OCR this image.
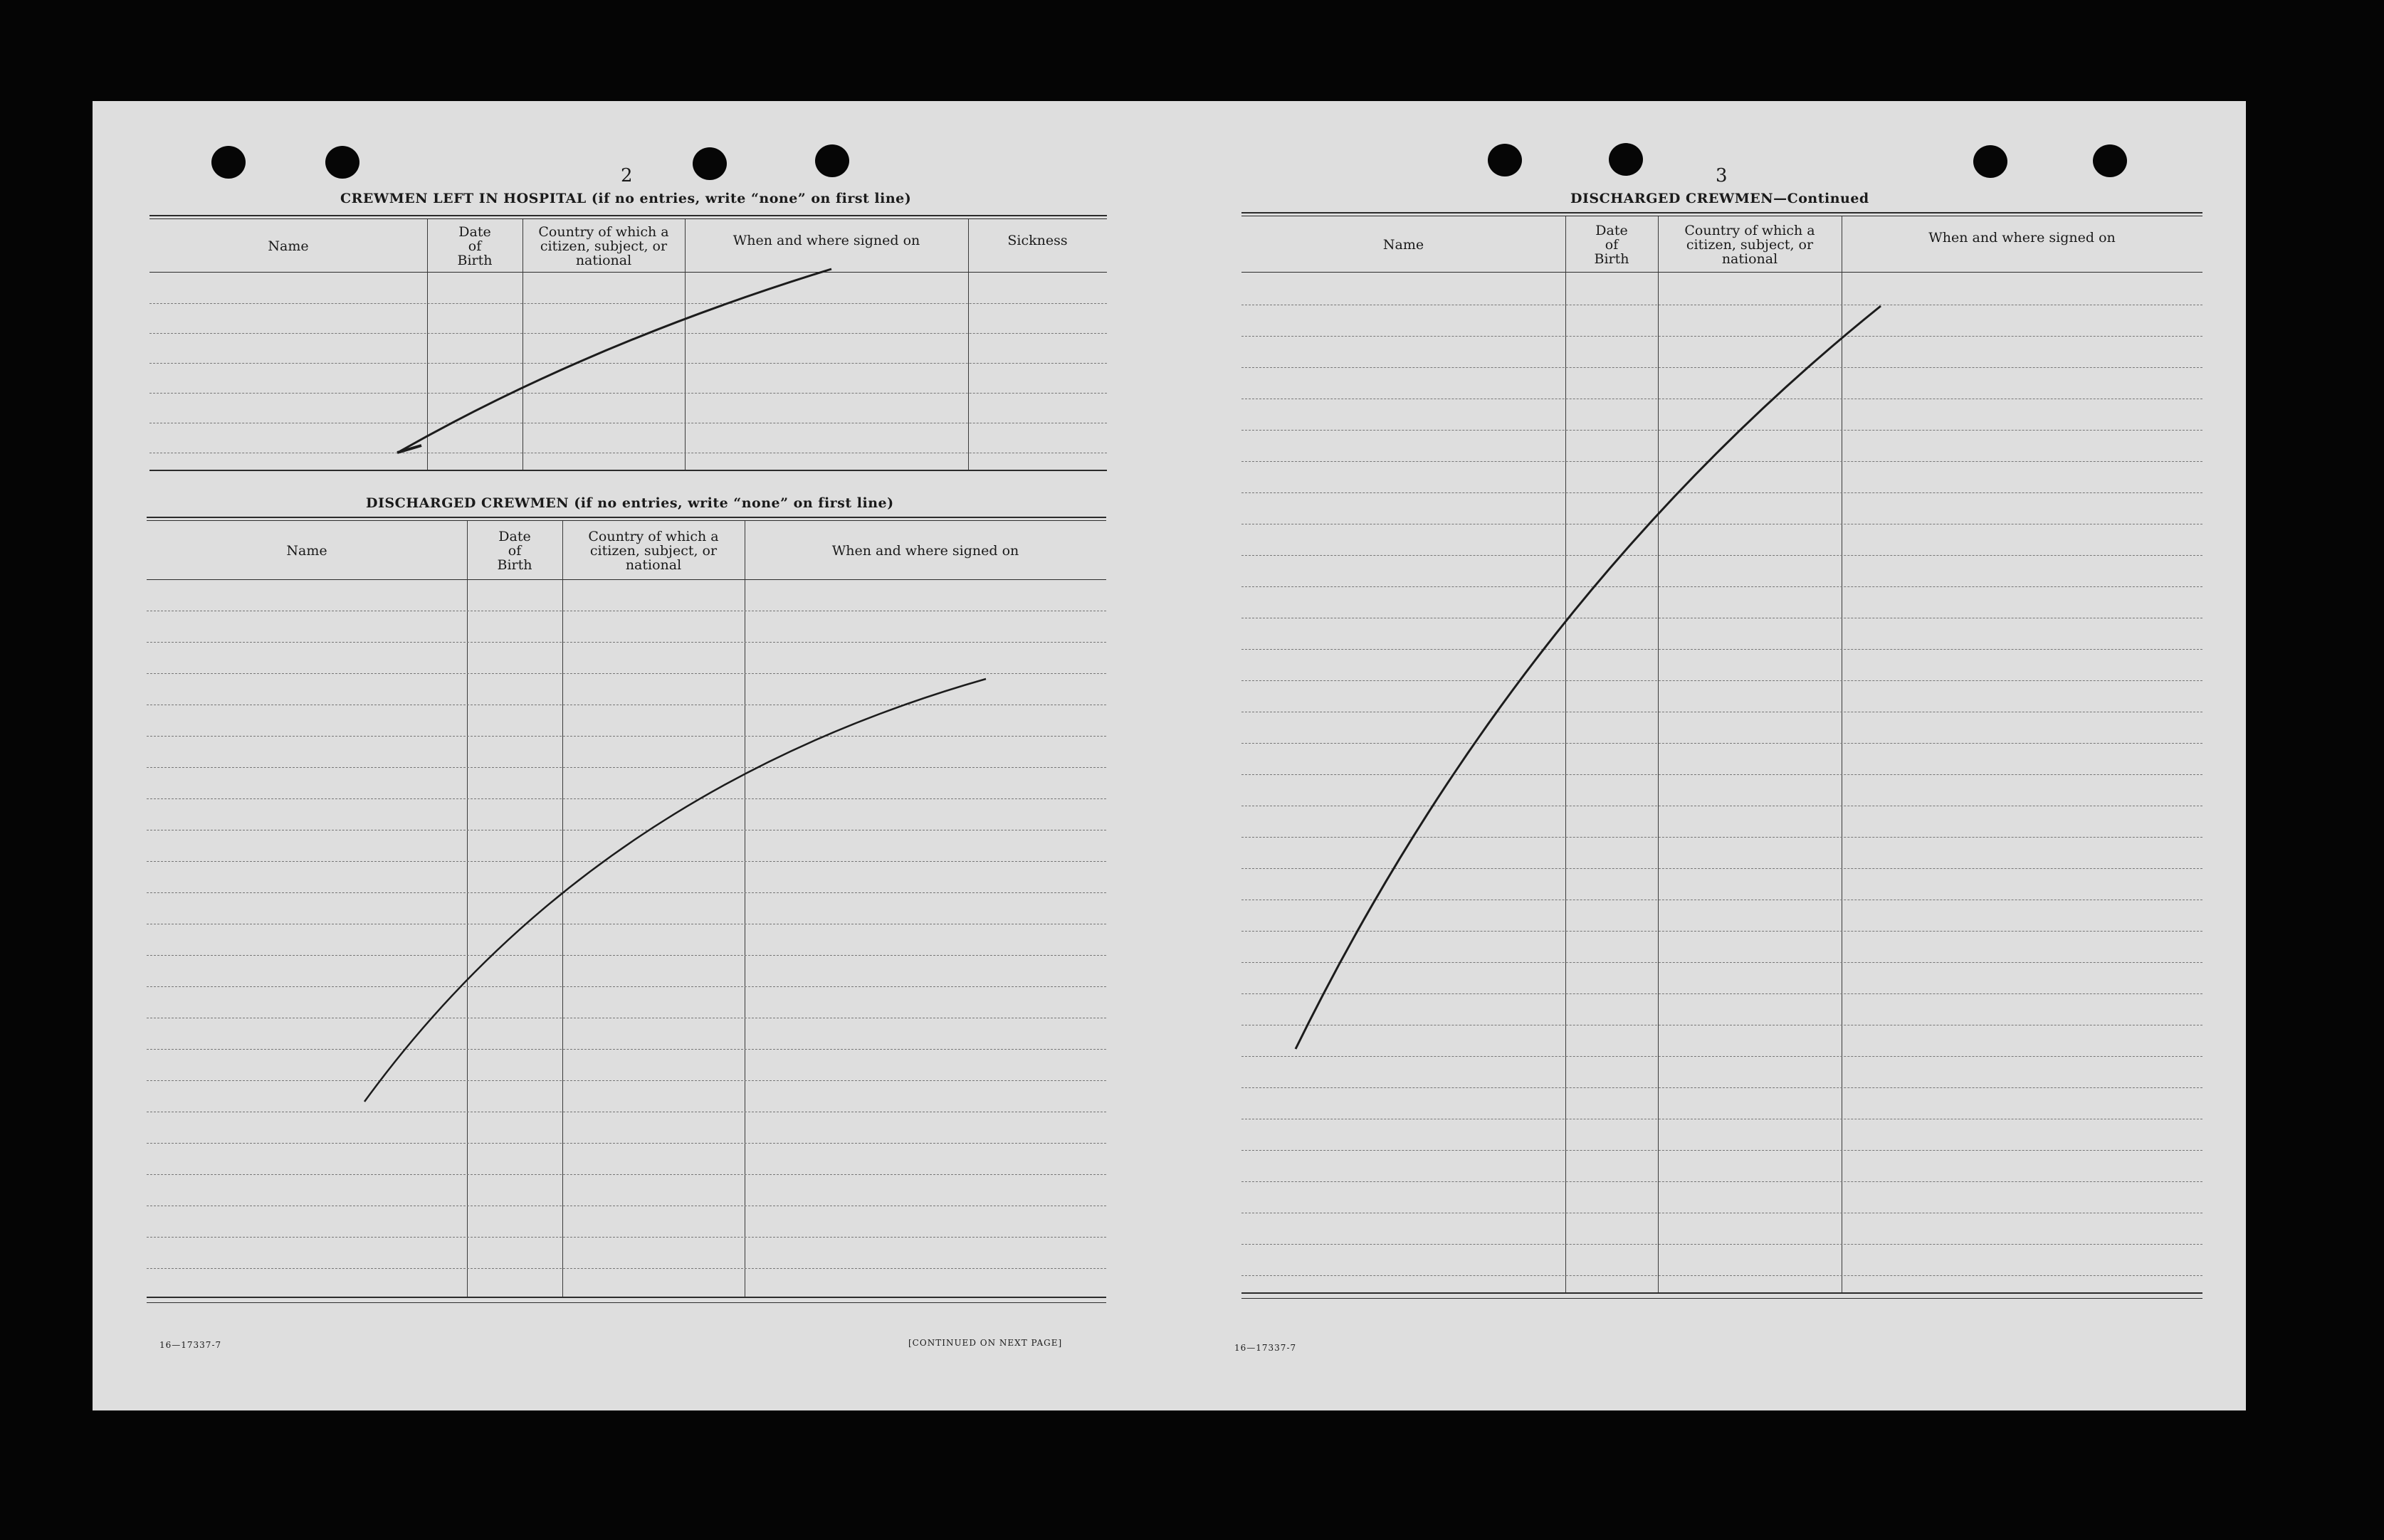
2
CREWMEN LEFT IN HOSPITAL (if no entries, write “none” on first line)
Name
Date
of
Birth
Country of which a
citizen, subject, or
national
When and where signed on	Sickness
DISCHARGED CREWMEN (if no entries, write “none” on first line)
Name
Date
of
Birth
Country of which a
citizen, subject, or
national
When and where signed on
16—17337-7	[CONTINUED ON NEXT PAGE]
3
DISCHARGED CREWMEN—Continued
Name
Date
of
Birth
Country of which a
citizen, subject, or
national
When and where signed on
16—17337-7
